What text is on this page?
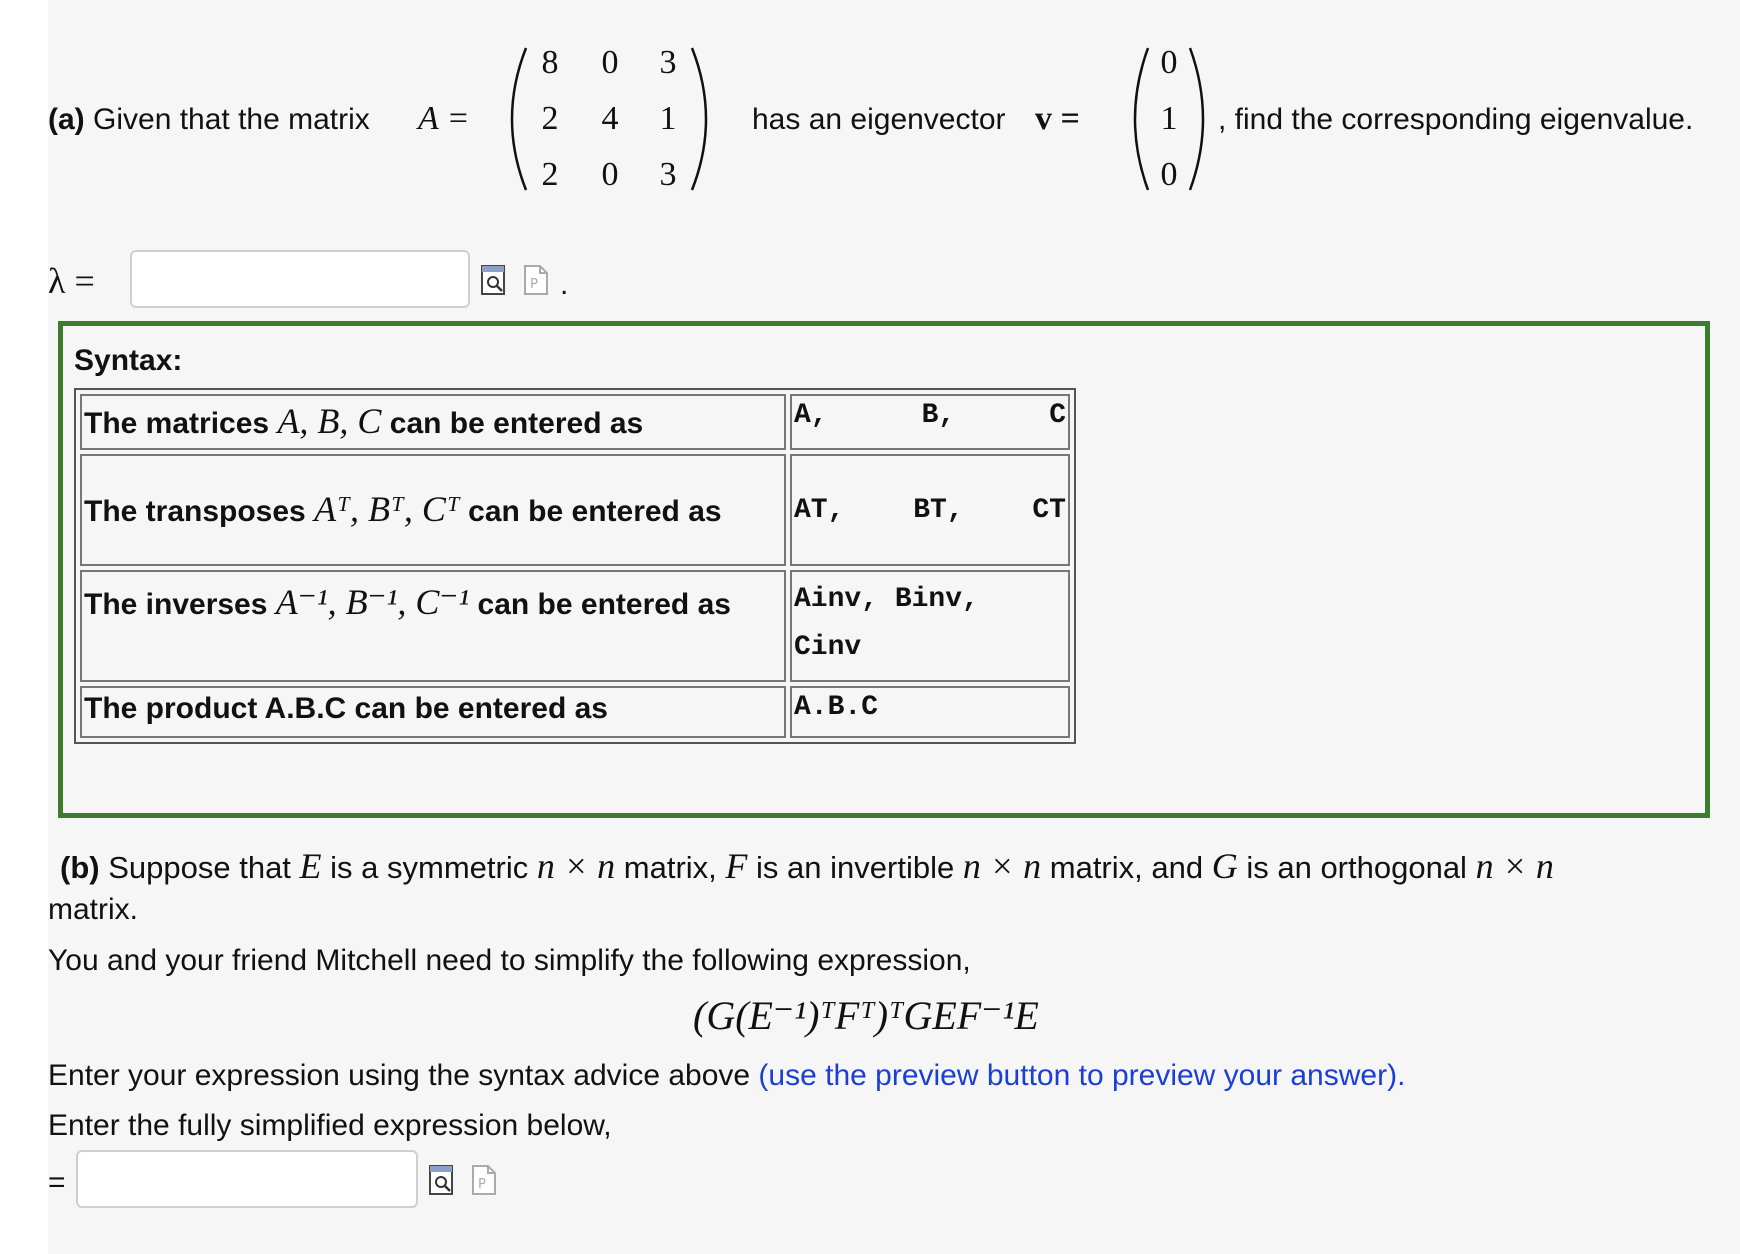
(a) Given that the matrix A =
8	0	3
2	4	1
2	0	3
has an eigenvector v =
0
1
0
, find the corresponding eigenvalue.
λ =	P .
Syntax:
The matrices A, B, C can be entered as	A, B, C

The transposes Aᵀ, Bᵀ, Cᵀ can be entered as	AT, BT, CT

The inverses A⁻¹, B⁻¹, C⁻¹ can be entered as	Ainv, Binv,
Cinv
The product A.B.C can be entered as	A.B.C
(b) Suppose that E is a symmetric n × n matrix, F is an invertible n × n matrix, and G is an orthogonal n × n
matrix.
You and your friend Mitchell need to simplify the following expression,
(G(E⁻¹)ᵀFᵀ)ᵀGEF⁻¹E
Enter your expression using the syntax advice above (use the preview button to preview your answer).
Enter the fully simplified expression below,
=	P
